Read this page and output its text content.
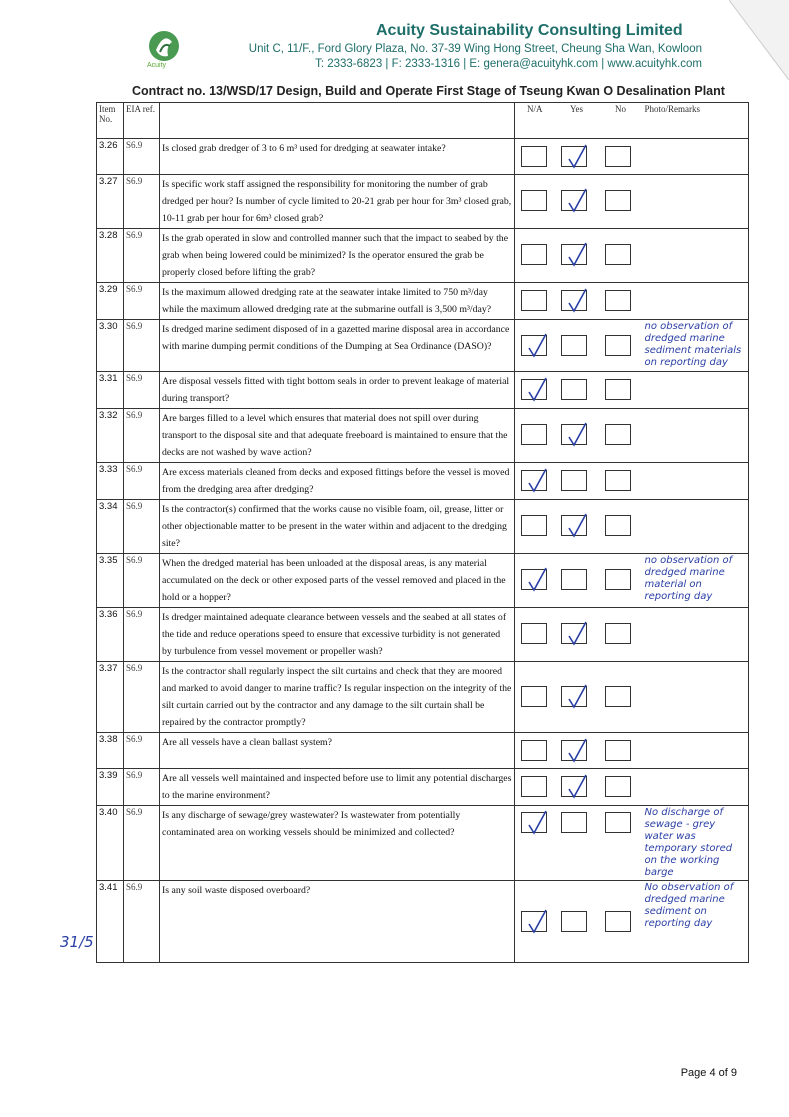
Acuity
Acuity Sustainability Consulting Limited
Unit C, 11/F., Ford Glory Plaza, No. 37-39 Wing Hong Street, Cheung Sha Wan, Kowloon
T: 2333-6823 | F: 2333-1316 | E: genera@acuityhk.com | www.acuityhk.com
Contract no. 13/WSD/17 Design, Build and Operate First Stage of Tseung Kwan O Desalination Plant
Item No.	EIA ref.		N/A	Yes	No	Photo/Remarks
3.26	S6.9	Is closed grab dredger of 3 to 6 m³ used for dredging at seawater intake?	

3.27	S6.9	Is specific work staff assigned the responsibility for monitoring the number of grab dredged per hour? Is number of cycle limited to 20-21 grab per hour for 3m³ closed grab, 10-11 grab per hour for 6m³ closed grab?	

3.28	S6.9	Is the grab operated in slow and controlled manner such that the impact to seabed by the grab when being lowered could be minimized? Is the operator ensured the grab be properly closed before lifting the grab?	

3.29	S6.9	Is the maximum allowed dredging rate at the seawater intake limited to 750 m³/day while the maximum allowed dredging rate at the submarine outfall is 3,500 m³/day?	

3.30	S6.9	Is dredged marine sediment disposed of in a gazetted marine disposal area in accordance with marine dumping permit conditions of the Dumping at Sea Ordinance (DASO)?				no observation of dredged marine sediment materials on reporting day
3.31	S6.9	Are disposal vessels fitted with tight bottom seals in order to prevent leakage of material during transport?	

3.32	S6.9	Are barges filled to a level which ensures that material does not spill over during transport to the disposal site and that adequate freeboard is maintained to ensure that the decks are not washed by wave action?	

3.33	S6.9	Are excess materials cleaned from decks and exposed fittings before the vessel is moved from the dredging area after dredging?	

3.34	S6.9	Is the contractor(s) confirmed that the works cause no visible foam, oil, grease, litter or other objectionable matter to be present in the water within and adjacent to the dredging site?	

3.35	S6.9	When the dredged material has been unloaded at the disposal areas, is any material accumulated on the deck or other exposed parts of the vessel removed and placed in the hold or a hopper?				no observation of dredged marine material on reporting day
3.36	S6.9	Is dredger maintained adequate clearance between vessels and the seabed at all states of the tide and reduce operations speed to ensure that excessive turbidity is not generated by turbulence from vessel movement or propeller wash?	

3.37	S6.9	Is the contractor shall regularly inspect the silt curtains and check that they are moored and marked to avoid danger to marine traffic? Is regular inspection on the integrity of the silt curtain carried out by the contractor and any damage to the silt curtain shall be repaired by the contractor promptly?	

3.38	S6.9	Are all vessels have a clean ballast system?	

3.39	S6.9	Are all vessels well maintained and inspected before use to limit any potential discharges to the marine environment?	

3.40	S6.9	Is any discharge of sewage/grey wastewater? Is wastewater from potentially contaminated area on working vessels should be minimized and collected?				No discharge of sewage - grey water was temporary stored on the working barge
3.41	S6.9	Is any soil waste disposed overboard?				No observation of dredged marine sediment on reporting day
31/5
Page 4 of 9
